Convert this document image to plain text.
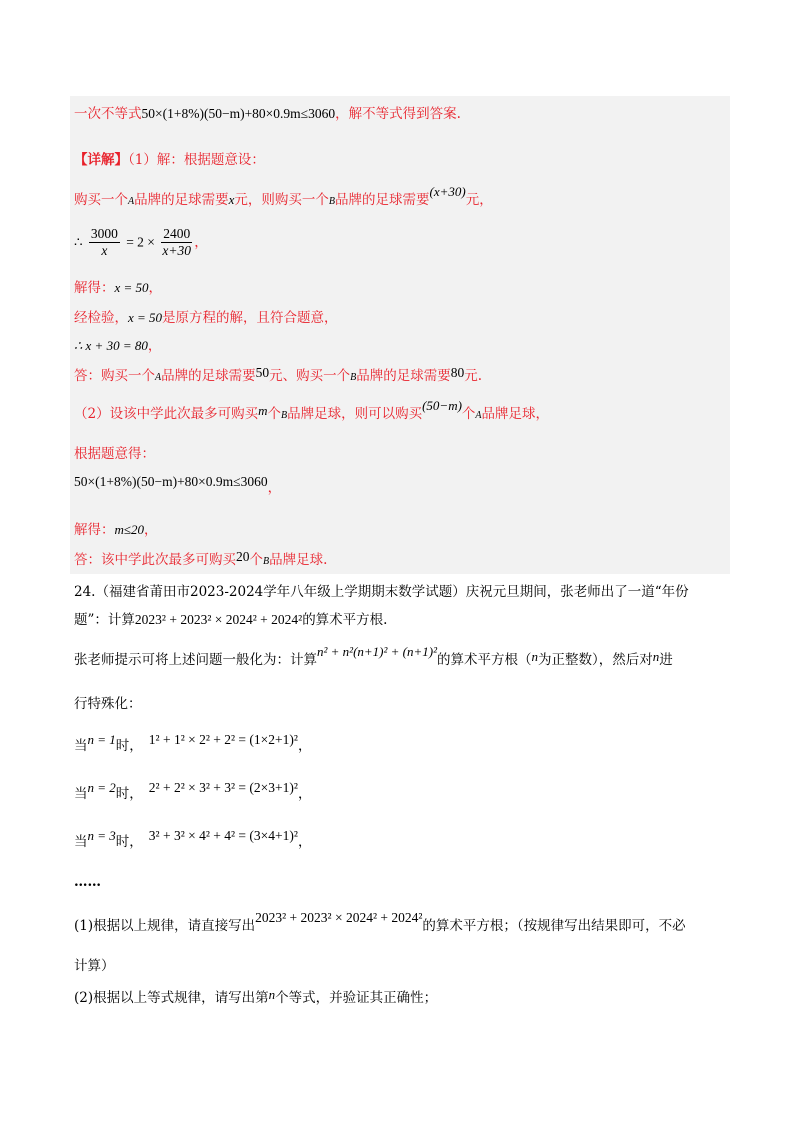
一次不等式50×(1+8%)(50−m)+80×0.9m≤3060，解不等式得到答案.
【详解】（1）解：根据题意设：
购买一个A品牌的足球需要x元，则购买一个B品牌的足球需要(x+30)元，
∴ $\frac{3000}{x} = 2 \times \frac{2400}{x+30}$ ，
解得：x = 50，
经检验，x = 50是原方程的解，且符合题意，
∴ x + 30 = 80，
答：购买一个A品牌的足球需要50元、购买一个B品牌的足球需要80元.
（2）设该中学此次最多可购买m个B品牌足球，则可以购买(50−m)个A品牌足球，
根据题意得：
50×(1+8%)(50−m)+80×0.9m≤3060，
解得：m≤20，
答：该中学此次最多可购买20个B品牌足球.
24.（福建省莆田市2023-2024学年八年级上学期期末数学试题）庆祝元旦期间，张老师出了一道“年份
题”：计算2023² + 2023² × 2024² + 2024²的算术平方根.
张老师提示可将上述问题一般化为：计算n² + n²(n+1)² + (n+1)²的算术平方根（n为正整数），然后对n进
行特殊化：
当n = 1时， 1² + 1² × 2² + 2² = (1×2+1)²，
当n = 2时， 2² + 2² × 3² + 3² = (2×3+1)²，
当n = 3时， 3² + 3² × 4² + 4² = (3×4+1)²，
……
(1)根据以上规律，请直接写出2023² + 2023² × 2024² + 2024²的算术平方根；（按规律写出结果即可，不必
计算）
(2)根据以上等式规律，请写出第n个等式，并验证其正确性；
